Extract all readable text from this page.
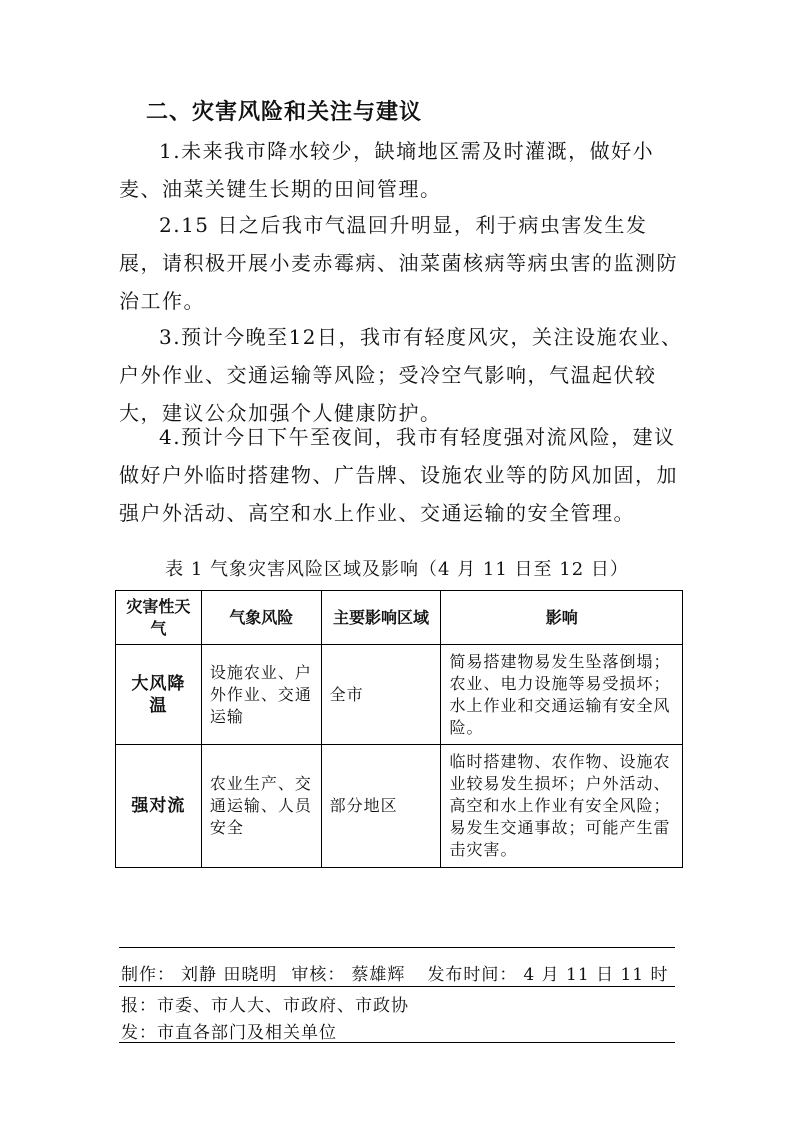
二、灾害风险和关注与建议

1.未来我市降水较少，缺墒地区需及时灌溉，做好小麦、油菜关键生长期的田间管理。

2.15 日之后我市气温回升明显，利于病虫害发生发展，请积极开展小麦赤霉病、油菜菌核病等病虫害的监测防治工作。

3.预计今晚至12日，我市有轻度风灾，关注设施农业、户外作业、交通运输等风险；受冷空气影响，气温起伏较大，建议公众加强个人健康防护。

4.预计今日下午至夜间，我市有轻度强对流风险，建议做好户外临时搭建物、广告牌、设施农业等的防风加固，加强户外活动、高空和水上作业、交通运输的安全管理。

表 1 气象灾害风险区域及影响（4 月 11 日至 12 日）
灾害性天气	气象风险	主要影响区域	影响
大风降温	设施农业、户外作业、交通运输	全市	简易搭建物易发生坠落倒塌；农业、电力设施等易受损坏；水上作业和交通运输有安全风险。
强对流	农业生产、交通运输、人员安全	部分地区	临时搭建物、农作物、设施农业较易发生损坏；户外活动、高空和水上作业有安全风险；易发生交通事故；可能产生雷击灾害。
制作： 刘静 田晓明 审核： 蔡雄辉 发布时间： 4 月 11 日 11 时
报：市委、市人大、市政府、市政协
发：市直各部门及相关单位
